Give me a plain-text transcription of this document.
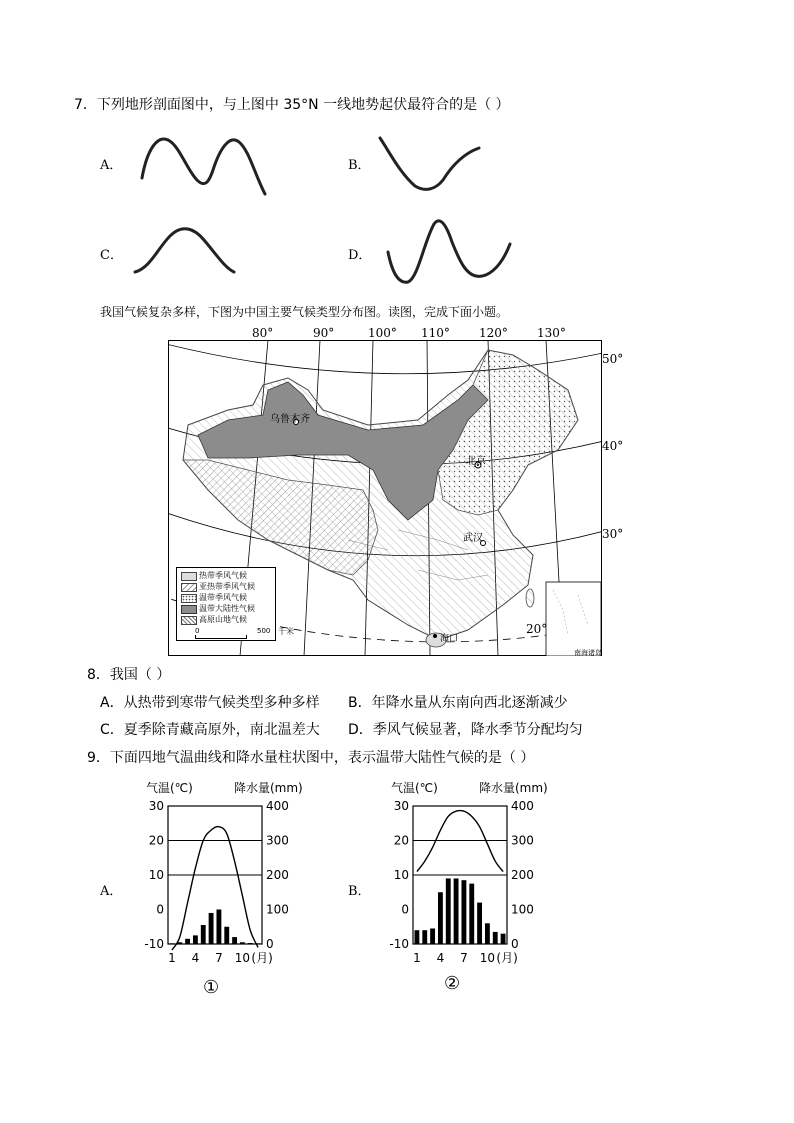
7．下列地形剖面图中，与上图中 35°N 一线地势起伏最符合的是（ ）
A．	B．
C．	D．
我国气候复杂多样，下图为中国主要气候类型分布图。读图，完成下面小题。
80°	90°	100° 110° 120° 130°
50°
40°
30°
乌鲁木齐
北京
武汉
海口
20°
南海诸岛
热带季风气候
亚热带季风气候
温带季风气候
温带大陆性气候
高原山地气候
0	500 千米
8．我国（ ）
A．从热带到寒带气候类型多种多样 B．年降水量从东南向西北逐渐减少
C．夏季除青藏高原外，南北温差大 D．季风气候显著，降水季节分配均匀
9．下面四地气温曲线和降水量柱状图中，表示温带大陆性气候的是（ ）
A．	B．
气温(℃)	降水量(mm)
30
20
10
0
-10
400
300
200
100
0
1 4 7 10 (月)
气温(℃)	降水量(mm)
30
20
10
0
-10
400
300
200
100
0
1 4 7 10 (月)
①	②
